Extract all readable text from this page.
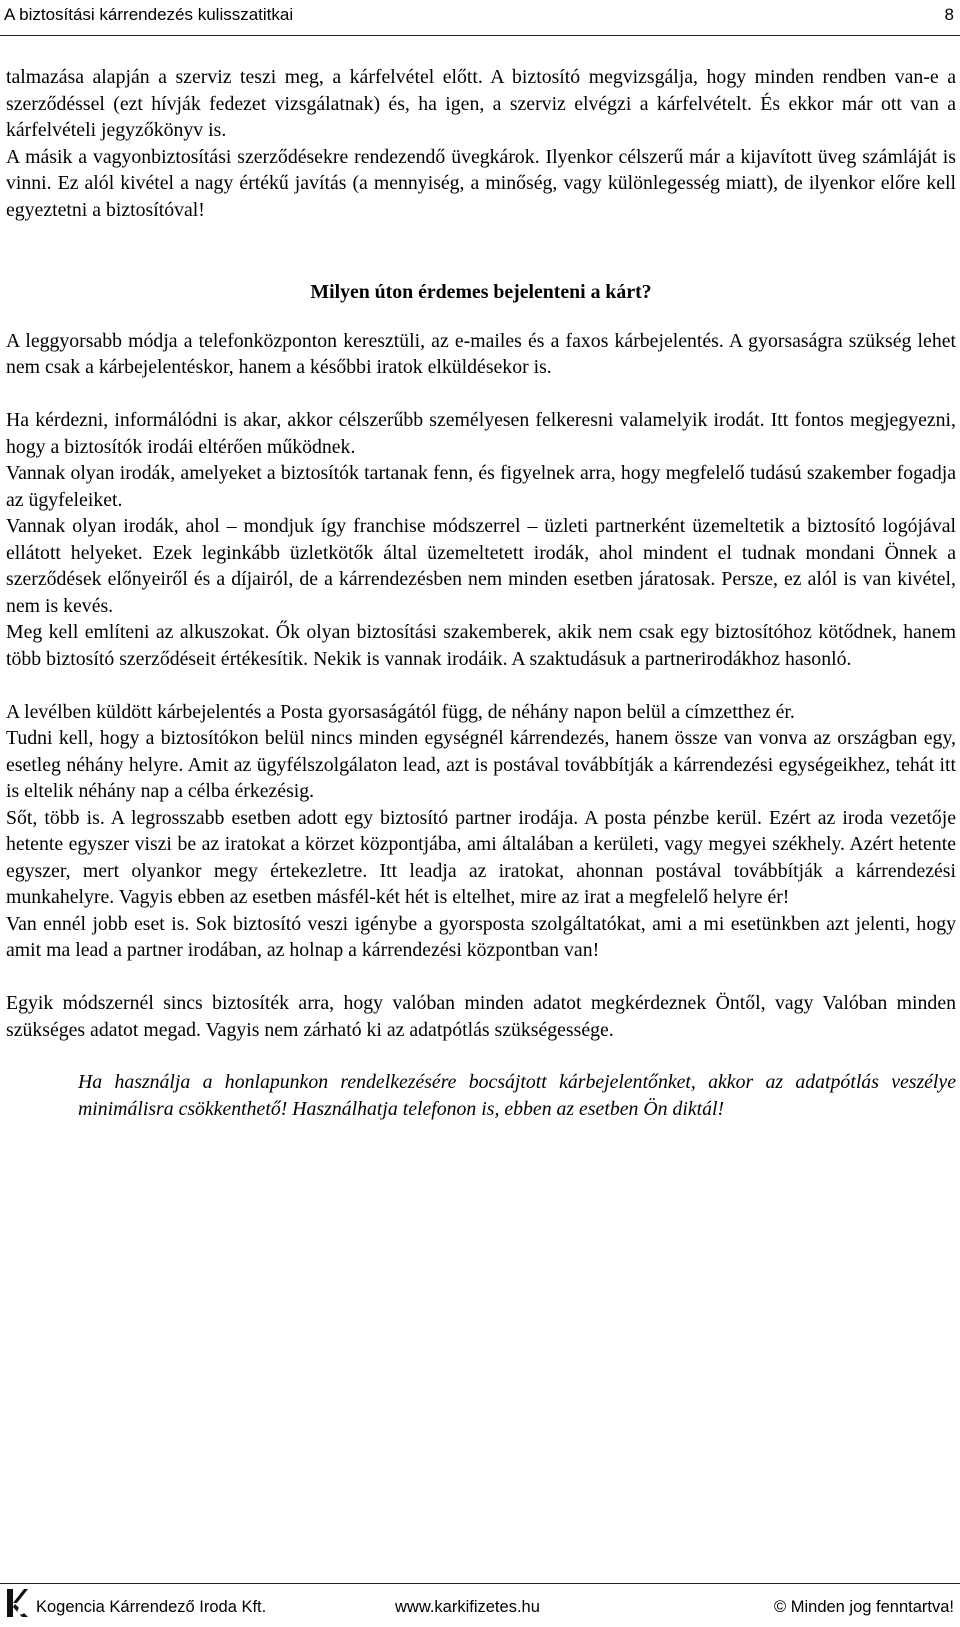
A biztosítási kárrendezés kulisszatitkai	8

talmazása alapján a szerviz teszi meg, a kárfelvétel előtt. A biztosító megvizsgálja, hogy minden rendben van-e a szerződéssel (ezt hívják fedezet vizsgálatnak) és, ha igen, a szerviz elvégzi a kárfelvételt. És ekkor már ott van a kárfelvételi jegyzőkönyv is.

A másik a vagyonbiztosítási szerződésekre rendezendő üvegkárok. Ilyenkor célszerű már a kijavított üveg számláját is vinni. Ez alól kivétel a nagy értékű javítás (a mennyiség, a minőség, vagy különlegesség miatt), de ilyenkor előre kell egyeztetni a biztosítóval!

Milyen úton érdemes bejelenteni a kárt?

A leggyorsabb módja a telefonközponton keresztüli, az e-mailes és a faxos kárbejelentés. A gyorsaságra szükség lehet nem csak a kárbejelentéskor, hanem a későbbi iratok elküldésekor is.

Ha kérdezni, informálódni is akar, akkor célszerűbb személyesen felkeresni valamelyik irodát. Itt fontos megjegyezni, hogy a biztosítók irodái eltérően működnek.

Vannak olyan irodák, amelyeket a biztosítók tartanak fenn, és figyelnek arra, hogy megfelelő tudású szakember fogadja az ügyfeleiket.

Vannak olyan irodák, ahol – mondjuk így franchise módszerrel – üzleti partnerként üzemeltetik a biztosító logójával ellátott helyeket. Ezek leginkább üzletkötők által üzemeltetett irodák, ahol mindent el tudnak mondani Önnek a szerződések előnyeiről és a díjairól, de a kárrendezésben nem minden esetben járatosak. Persze, ez alól is van kivétel, nem is kevés.

Meg kell említeni az alkuszokat. Ők olyan biztosítási szakemberek, akik nem csak egy biztosítóhoz kötődnek, hanem több biztosító szerződéseit értékesítik. Nekik is vannak irodáik. A szaktudásuk a partnerirodákhoz hasonló.

A levélben küldött kárbejelentés a Posta gyorsaságától függ, de néhány napon belül a címzetthez ér.

Tudni kell, hogy a biztosítókon belül nincs minden egységnél kárrendezés, hanem össze van vonva az országban egy, esetleg néhány helyre. Amit az ügyfélszolgálaton lead, azt is postával továbbítják a kárrendezési egységeikhez, tehát itt is eltelik néhány nap a célba érkezésig.

Sőt, több is. A legrosszabb esetben adott egy biztosító partner irodája. A posta pénzbe kerül. Ezért az iroda vezetője hetente egyszer viszi be az iratokat a körzet központjába, ami általában a kerületi, vagy megyei székhely. Azért hetente egyszer, mert olyankor megy értekezletre. Itt leadja az iratokat, ahonnan postával továbbítják a kárrendezési munkahelyre. Vagyis ebben az esetben másfél-két hét is eltelhet, mire az irat a megfelelő helyre ér!

Van ennél jobb eset is. Sok biztosító veszi igénybe a gyorsposta szolgáltatókat, ami a mi esetünkben azt jelenti, hogy amit ma lead a partner irodában, az holnap a kárrendezési központban van!

Egyik módszernél sincs biztosíték arra, hogy valóban minden adatot megkérdeznek Öntől, vagy Valóban minden szükséges adatot megad. Vagyis nem zárható ki az adatpótlás szükségessége.

Ha használja a honlapunkon rendelkezésére bocsájtott kárbejelentőnket, akkor az adatpótlás veszélye minimálisra csökkenthető! Használhatja telefonon is, ebben az esetben Ön diktál!

Kogencia Kárrendező Iroda Kft.	www.karkifizetes.hu	© Minden jog fenntartva!
